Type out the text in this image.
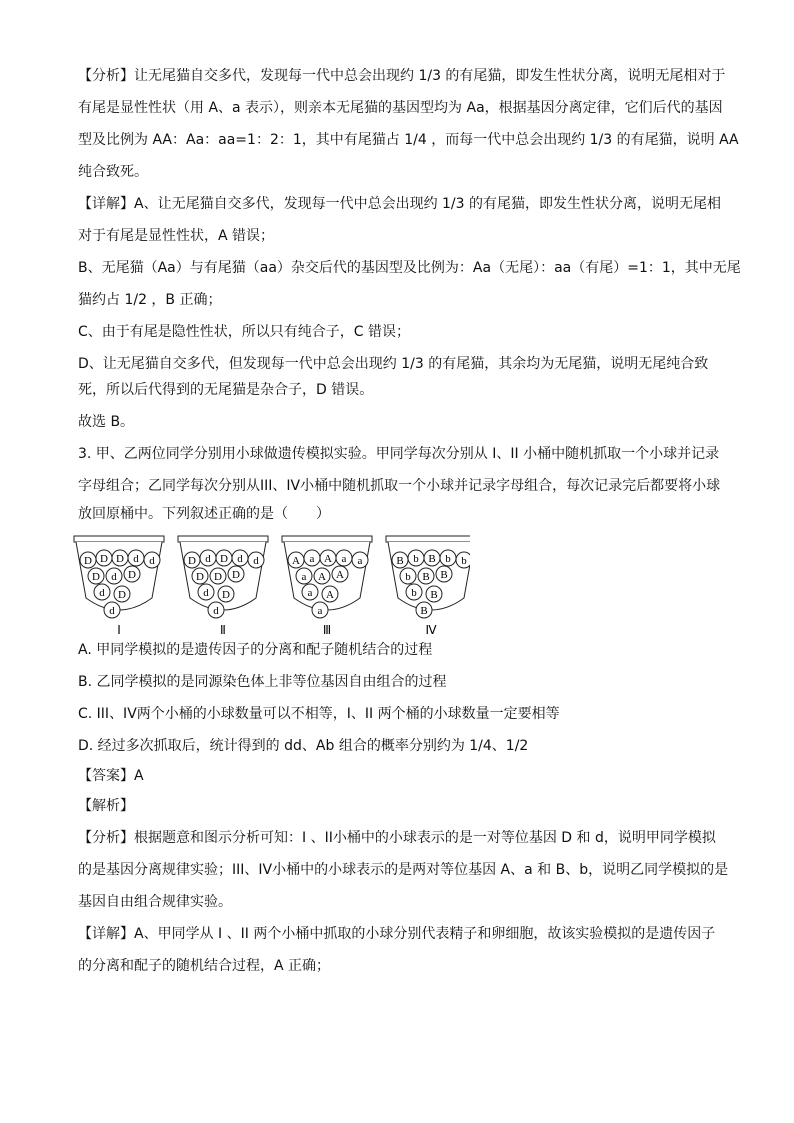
【分析】让无尾猫自交多代，发现每一代中总会出现约 1/3 的有尾猫，即发生性状分离，说明无尾相对于
有尾是显性性状（用 A、a 表示），则亲本无尾猫的基因型均为 Aa，根据基因分离定律，它们后代的基因
型及比例为 AA：Aa：aa=1：2：1，其中有尾猫占 1/4 ，而每一代中总会出现约 1/3 的有尾猫，说明 AA
纯合致死。
【详解】A、让无尾猫自交多代，发现每一代中总会出现约 1/3 的有尾猫，即发生性状分离，说明无尾相
对于有尾是显性性状，A 错误；
B、无尾猫（Aa）与有尾猫（aa）杂交后代的基因型及比例为：Aa（无尾）：aa（有尾）=1：1，其中无尾
猫约占 1/2 ，B 正确；
C、由于有尾是隐性性状，所以只有纯合子，C 错误；
D、让无尾猫自交多代，但发现每一代中总会出现约 1/3 的有尾猫，其余均为无尾猫，说明无尾纯合致
死，所以后代得到的无尾猫是杂合子，D 错误。
故选 B。
3. 甲、乙两位同学分别用小球做遗传模拟实验。甲同学每次分别从 I、II 小桶中随机抓取一个小球并记录
字母组合；乙同学每次分别从III、IV小桶中随机抓取一个小球并记录字母组合，每次记录完后都要将小球
放回原桶中。下列叙述正确的是（　　）
D D D d d
D d D
d D
d
Ⅰ
D d D d d
D D D
d D
d
Ⅱ
A a A a a
a A A
a A
a
Ⅲ
B b B b b
b B B
b B
B
Ⅳ
A. 甲同学模拟的是遗传因子的分离和配子随机结合的过程
B. 乙同学模拟的是同源染色体上非等位基因自由组合的过程
C. III、IV两个小桶的小球数量可以不相等，I、II 两个桶的小球数量一定要相等
D. 经过多次抓取后，统计得到的 dd、Ab 组合的概率分别约为 1/4、1/2
【答案】A
【解析】
【分析】根据题意和图示分析可知：I 、II小桶中的小球表示的是一对等位基因 D 和 d，说明甲同学模拟
的是基因分离规律实验；III、IV小桶中的小球表示的是两对等位基因 A、a 和 B、b，说明乙同学模拟的是
基因自由组合规律实验。
【详解】A、甲同学从 I 、II 两个小桶中抓取的小球分别代表精子和卵细胞，故该实验模拟的是遗传因子
的分离和配子的随机结合过程，A 正确；
